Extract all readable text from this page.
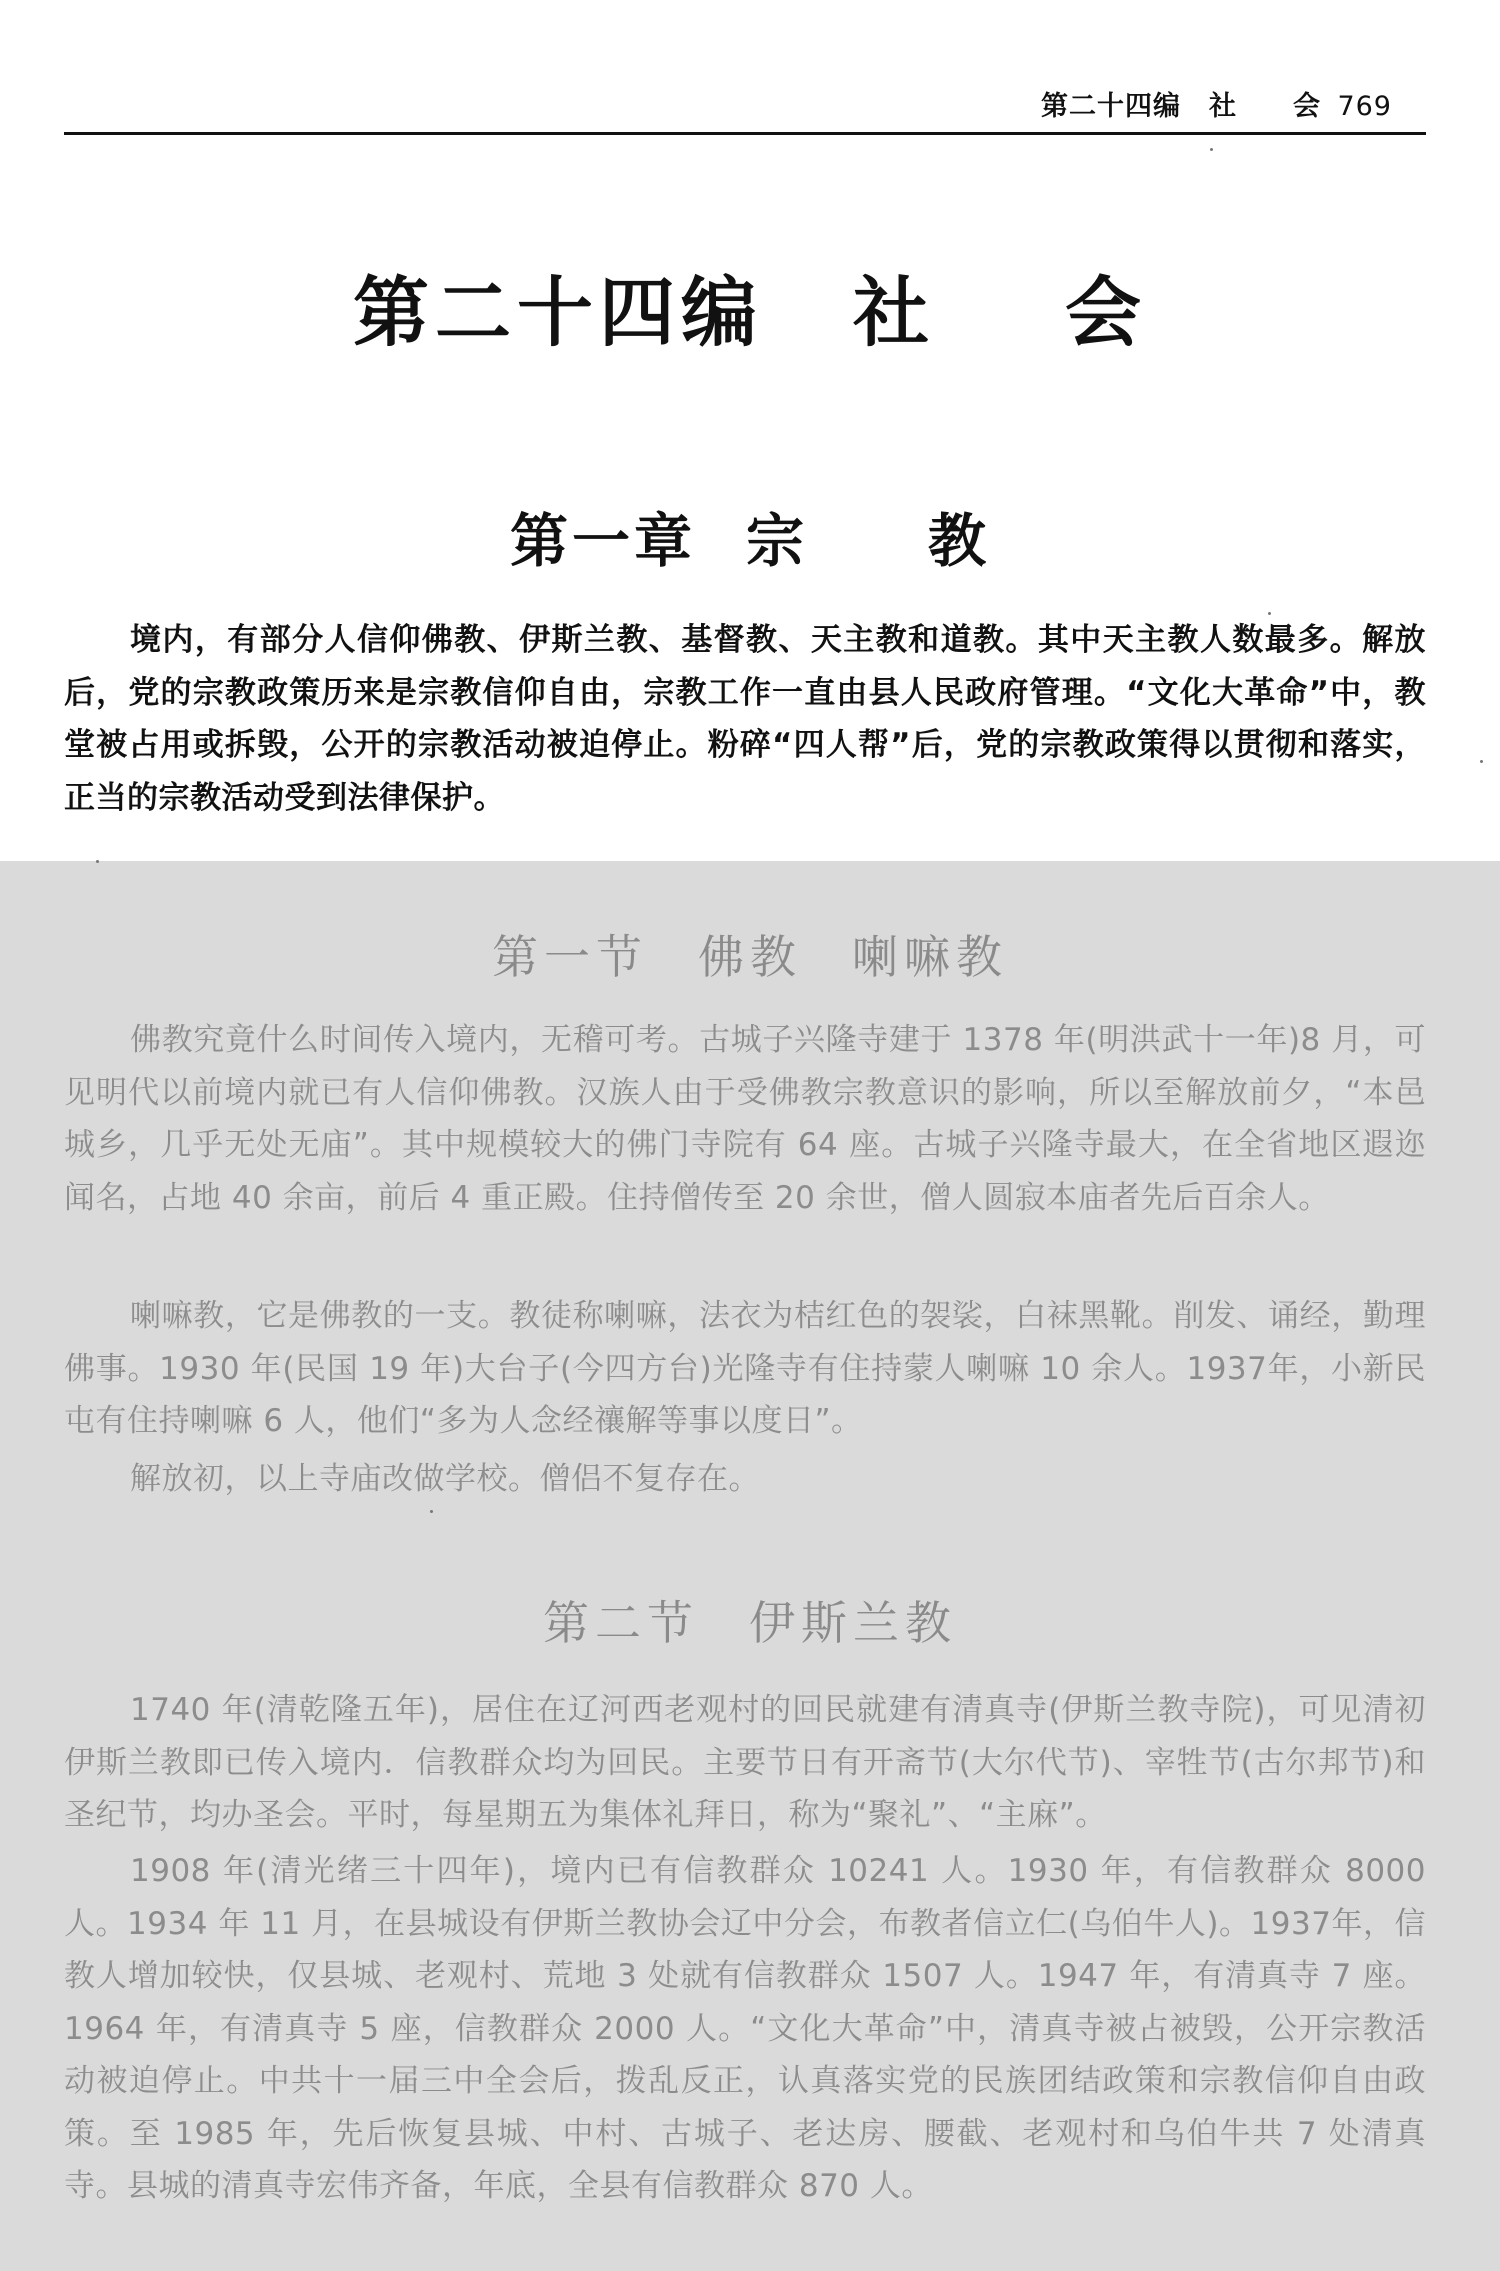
第二十四编　社　　会 769
第二十四编 社 会
第一章 宗 教

境内，有部分人信仰佛教、伊斯兰教、基督教、天主教和道教。其中天主教人数最多。解放后，党的宗教政策历来是宗教信仰自由，宗教工作一直由县人民政府管理。“文化大革命”中，教堂被占用或拆毁，公开的宗教活动被迫停止。粉碎“四人帮”后，党的宗教政策得以贯彻和落实，正当的宗教活动受到法律保护。

第一节 佛教 喇嘛教

佛教究竟什么时间传入境内，无稽可考。古城子兴隆寺建于 1378 年(明洪武十一年)8 月，可见明代以前境内就已有人信仰佛教。汉族人由于受佛教宗教意识的影响，所以至解放前夕，“本邑城乡，几乎无处无庙”。其中规模较大的佛门寺院有 64 座。古城子兴隆寺最大，在全省地区遐迩闻名，占地 40 余亩，前后 4 重正殿。住持僧传至 20 余世，僧人圆寂本庙者先后百余人。

喇嘛教，它是佛教的一支。教徒称喇嘛，法衣为桔红色的袈裟，白袜黑靴。削发、诵经，勤理佛事。1930 年(民国 19 年)大台子(今四方台)光隆寺有住持蒙人喇嘛 10 余人。1937年，小新民屯有住持喇嘛 6 人，他们“多为人念经禳解等事以度日”。

解放初，以上寺庙改做学校。僧侣不复存在。

第二节 伊斯兰教

1740 年(清乾隆五年)，居住在辽河西老观村的回民就建有清真寺(伊斯兰教寺院)，可见清初伊斯兰教即已传入境内．信教群众均为回民。主要节日有开斋节(大尔代节)、宰牲节(古尔邦节)和圣纪节，均办圣会。平时，每星期五为集体礼拜日，称为“聚礼”、“主麻”。

1908 年(清光绪三十四年)，境内已有信教群众 10241 人。1930 年，有信教群众 8000人。1934 年 11 月，在县城设有伊斯兰教协会辽中分会，布教者信立仁(乌伯牛人)。1937年，信教人增加较快，仅县城、老观村、荒地 3 处就有信教群众 1507 人。1947 年，有清真寺 7 座。1964 年，有清真寺 5 座，信教群众 2000 人。“文化大革命”中，清真寺被占被毁，公开宗教活动被迫停止。中共十一届三中全会后，拨乱反正，认真落实党的民族团结政策和宗教信仰自由政策。至 1985 年，先后恢复县城、中村、古城子、老达房、腰截、老观村和乌伯牛共 7 处清真寺。县城的清真寺宏伟齐备，年底，全县有信教群众 870 人。
